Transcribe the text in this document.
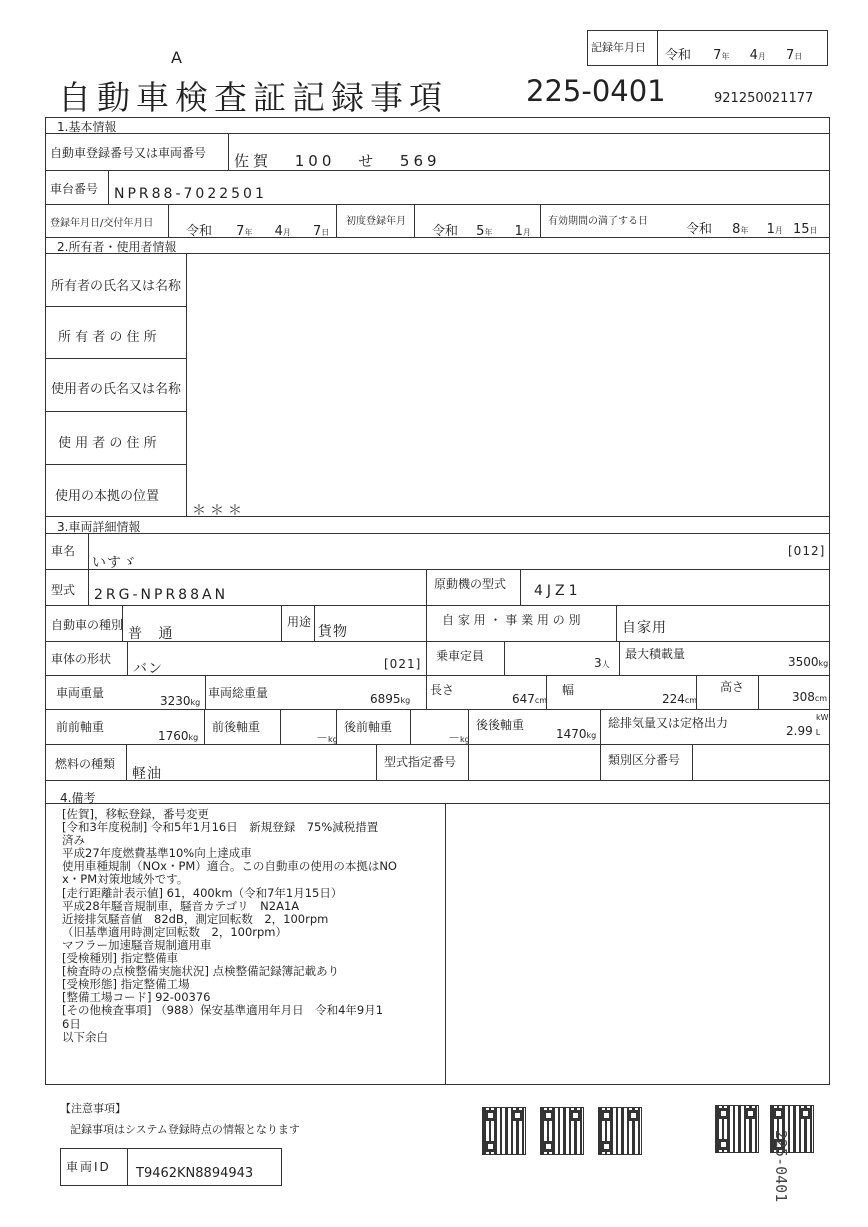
A
記録年月日
令和 7年 4月 7日
自動車検査証記録事項	225-0401	921250021177
1.基本情報
自動車登録番号又は車両番号 佐賀 100 せ 569
車台番号 NPR88-7022501
登録年月日/交付年月日
令和 7年 4月 7日
初度登録年月
令和 5年 1月
有効期間の満了する日
令和 8年 1月 15日
2.所有者・使用者情報
所有者の氏名又は名称
所 有 者 の 住 所
使用者の氏名又は名称
使 用 者 の 住 所
使用の本拠の位置
＊＊＊
3.車両詳細情報
車名
いすゞ
[012]
型式 2RG-NPR88AN
原動機の型式 4JZ1
自動車の種別
普 通
用途
貨物
自 家 用 ・ 事 業 用 の 別	自家用
車体の形状
バン	[021]
乗車定員	3人
最大積載量
3500kg
車両重量
3230kg
車両総重量	6895kg
長さ
647cm
幅
224cm
高さ
308cm
前前軸重
1760kg
前後軸重
－kg
後前軸重
－kg
後後軸重
1470kg
総排気量又は定格出力	kW
2.99 L
燃料の種類
軽油
型式指定番号	類別区分番号
4.備考
[佐賀]，移転登録，番号変更
[令和3年度税制] 令和5年1月16日　新規登録　75%減税措置
済み
平成27年度燃費基準10%向上達成車
使用車種規制（NOx・PM）適合。この自動車の使用の本拠はNO
x・PM対策地域外です。
[走行距離計表示値] 61，400km（令和7年1月15日）
平成28年騒音規制車，騒音カテゴリ　N2A1A
近接排気騒音値　82dB，測定回転数　2，100rpm
（旧基準適用時測定回転数　2，100rpm）
マフラー加速騒音規制適用車
[受検種別] 指定整備車
[検査時の点検整備実施状況] 点検整備記録簿記載あり
[受検形態] 指定整備工場
[整備工場コード] 92-00376
[その他検査事項] （988）保安基準適用年月日　令和4年9月1
6日
以下余白
【注意事項】
記録事項はシステム登録時点の情報となります
車両ID T9462KN8894943	225-0401
